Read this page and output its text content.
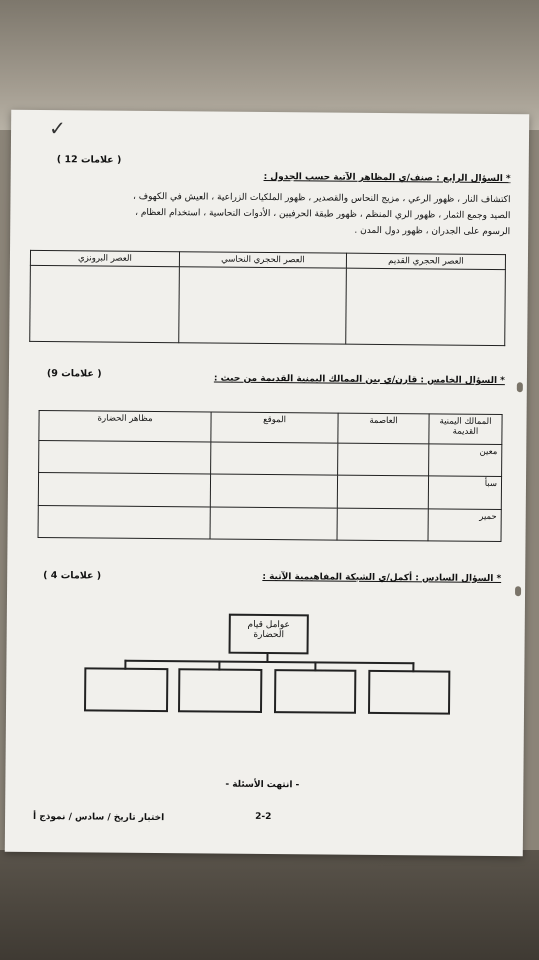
✓
( 12 علامات )
* السؤال الرابع : صنف/ي المظاهر الآتية حسب الجدول :
اكتشاف النار ، ظهور الرعي ، مزيج النحاس والقصدير ، ظهور الملكيات الزراعية ، العيش في الكهوف ،
الصيد وجمع الثمار ، ظهور الري المنظم ، ظهور طبقة الحرفيين ، الأدوات النحاسية ، استخدام العظام ،
الرسوم على الجدران ، ظهور دول المدن .
العصر الحجري القديم	العصر الحجري النحاسي	العصر البرونزي

(9 علامات )	* السؤال الخامس : قارن/ي بين الممالك اليمنية القديمة من حيث :
الممالك اليمنية القديمة	العاصمة	الموقع	مظاهر الحضارة
معين			
سبأ			
حمير			
( 4 علامات )	* السؤال السادس : أكمل/ي الشبكة المفاهيمية الآتية :
عوامل قيام
الحضارة
- انتهت الأسئلة -
2-2
اختبار تاريخ / سادس / نموذج أ
